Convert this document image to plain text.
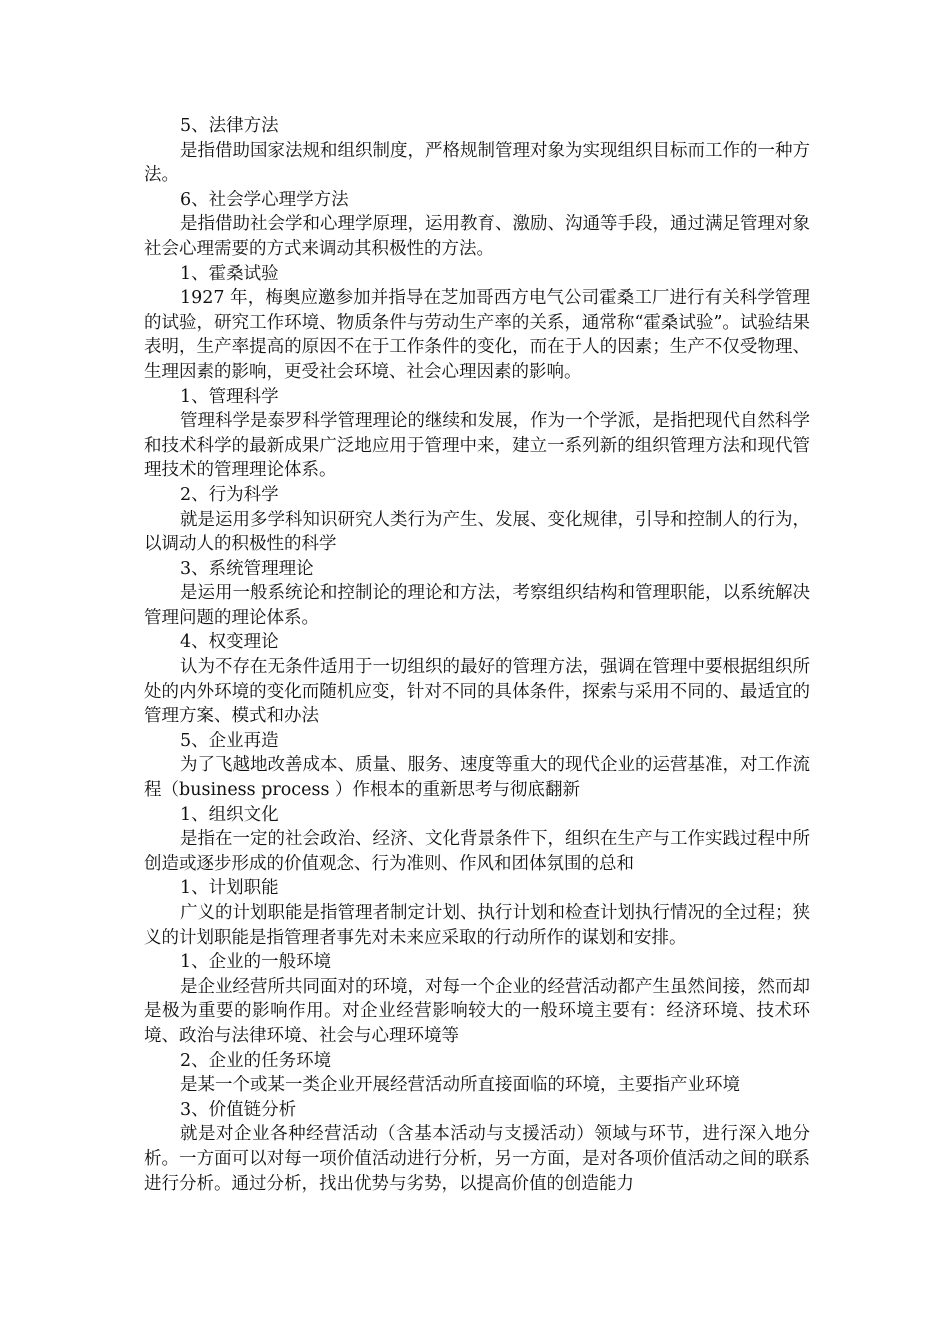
5、法律方法

是指借助国家法规和组织制度，严格规制管理对象为实现组织目标而工作的一种方法。

6、社会学心理学方法

是指借助社会学和心理学原理，运用教育、激励、沟通等手段，通过满足管理对象社会心理需要的方式来调动其积极性的方法。

1、霍桑试验

1927 年，梅奥应邀参加并指导在芝加哥西方电气公司霍桑工厂进行有关科学管理的试验，研究工作环境、物质条件与劳动生产率的关系，通常称“霍桑试验”。试验结果表明，生产率提高的原因不在于工作条件的变化，而在于人的因素；生产不仅受物理、生理因素的影响，更受社会环境、社会心理因素的影响。

1、管理科学

管理科学是泰罗科学管理理论的继续和发展，作为一个学派，是指把现代自然科学和技术科学的最新成果广泛地应用于管理中来，建立一系列新的组织管理方法和现代管理技术的管理理论体系。

2、行为科学

就是运用多学科知识研究人类行为产生、发展、变化规律，引导和控制人的行为，以调动人的积极性的科学

3、系统管理理论

是运用一般系统论和控制论的理论和方法，考察组织结构和管理职能，以系统解决管理问题的理论体系。

4、权变理论

认为不存在无条件适用于一切组织的最好的管理方法，强调在管理中要根据组织所处的内外环境的变化而随机应变，针对不同的具体条件，探索与采用不同的、最适宜的管理方案、模式和办法

5、企业再造

为了飞越地改善成本、质量、服务、速度等重大的现代企业的运营基准，对工作流程（business process ）作根本的重新思考与彻底翻新

1、组织文化

是指在一定的社会政治、经济、文化背景条件下，组织在生产与工作实践过程中所创造或逐步形成的价值观念、行为准则、作风和团体氛围的总和

1、计划职能

广义的计划职能是指管理者制定计划、执行计划和检查计划执行情况的全过程；狭义的计划职能是指管理者事先对未来应采取的行动所作的谋划和安排。

1、企业的一般环境

是企业经营所共同面对的环境，对每一个企业的经营活动都产生虽然间接，然而却是极为重要的影响作用。对企业经营影响较大的一般环境主要有：经济环境、技术环境、政治与法律环境、社会与心理环境等

2、企业的任务环境

是某一个或某一类企业开展经营活动所直接面临的环境，主要指产业环境

3、价值链分析

就是对企业各种经营活动（含基本活动与支援活动）领域与环节，进行深入地分析。一方面可以对每一项价值活动进行分析，另一方面，是对各项价值活动之间的联系进行分析。通过分析，找出优势与劣势，以提高价值的创造能力
